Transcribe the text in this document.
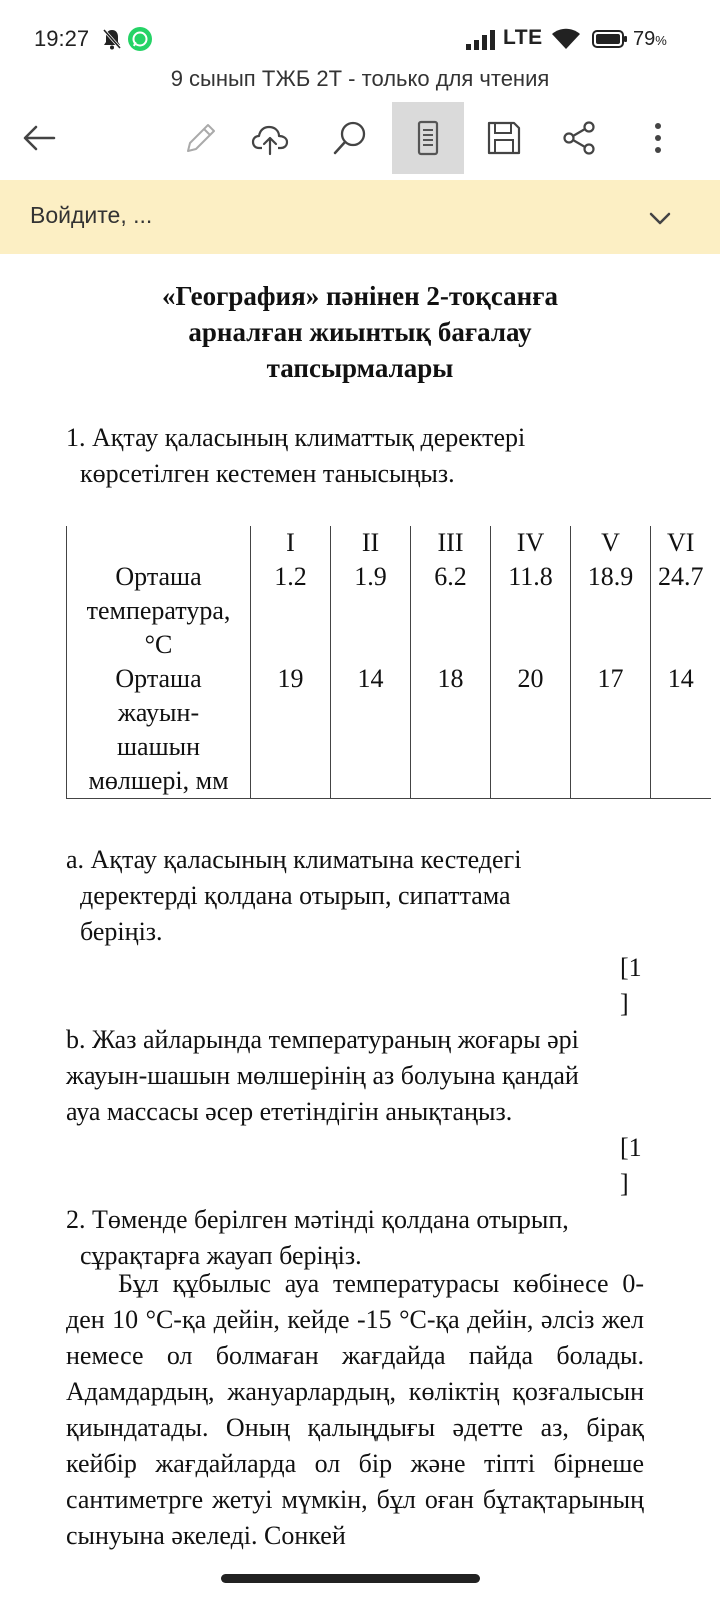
19:27	LTE	79%
9 сынып ТЖБ 2Т - только для чтения
Войдите, ...
«География» пәнінен 2-тоқсанға
арналған жиынтық бағалау
тапсырмалары
1. Ақтау қаласының климаттық деректері
көрсетілген кестемен танысыңыз.
	I	II	III	IV	V	VI

Орташа
температура,
°С	1.2	1.9	6.2	11.8	18.9	24.7

Орташа
жауын-
шашын
мөлшері, мм	19	14	18	20	17	14
a. Ақтау қаласының климатына кестедегі
деректерді қолдана отырып, сипаттама
беріңіз.
[1
]
b. Жаз айларында температураның жоғары әрі
жауын-шашын мөлшерінің аз болуына қандай
ауа массасы әсер ететіндігін анықтаңыз.
[1
]
2. Төменде берілген мәтінді қолдана отырып,
сұрақтарға жауап беріңіз.
Бұл құбылыс ауа температурасы көбінесе 0-ден 10 °С-қа дейін, кейде -15 °С-қа дейін, әлсіз жел немесе ол болмаған жағдайда пайда болады. Адамдардың, жануарлардың, көліктің қозғалысын қиындатады. Оның қалыңдығы әдетте аз, бірақ кейбір жағдайларда ол бір және тіпті бірнеше сантиметрге жетуі мүмкін, бұл оған бұтақтарының сынуына әкеледі. Сонкей
